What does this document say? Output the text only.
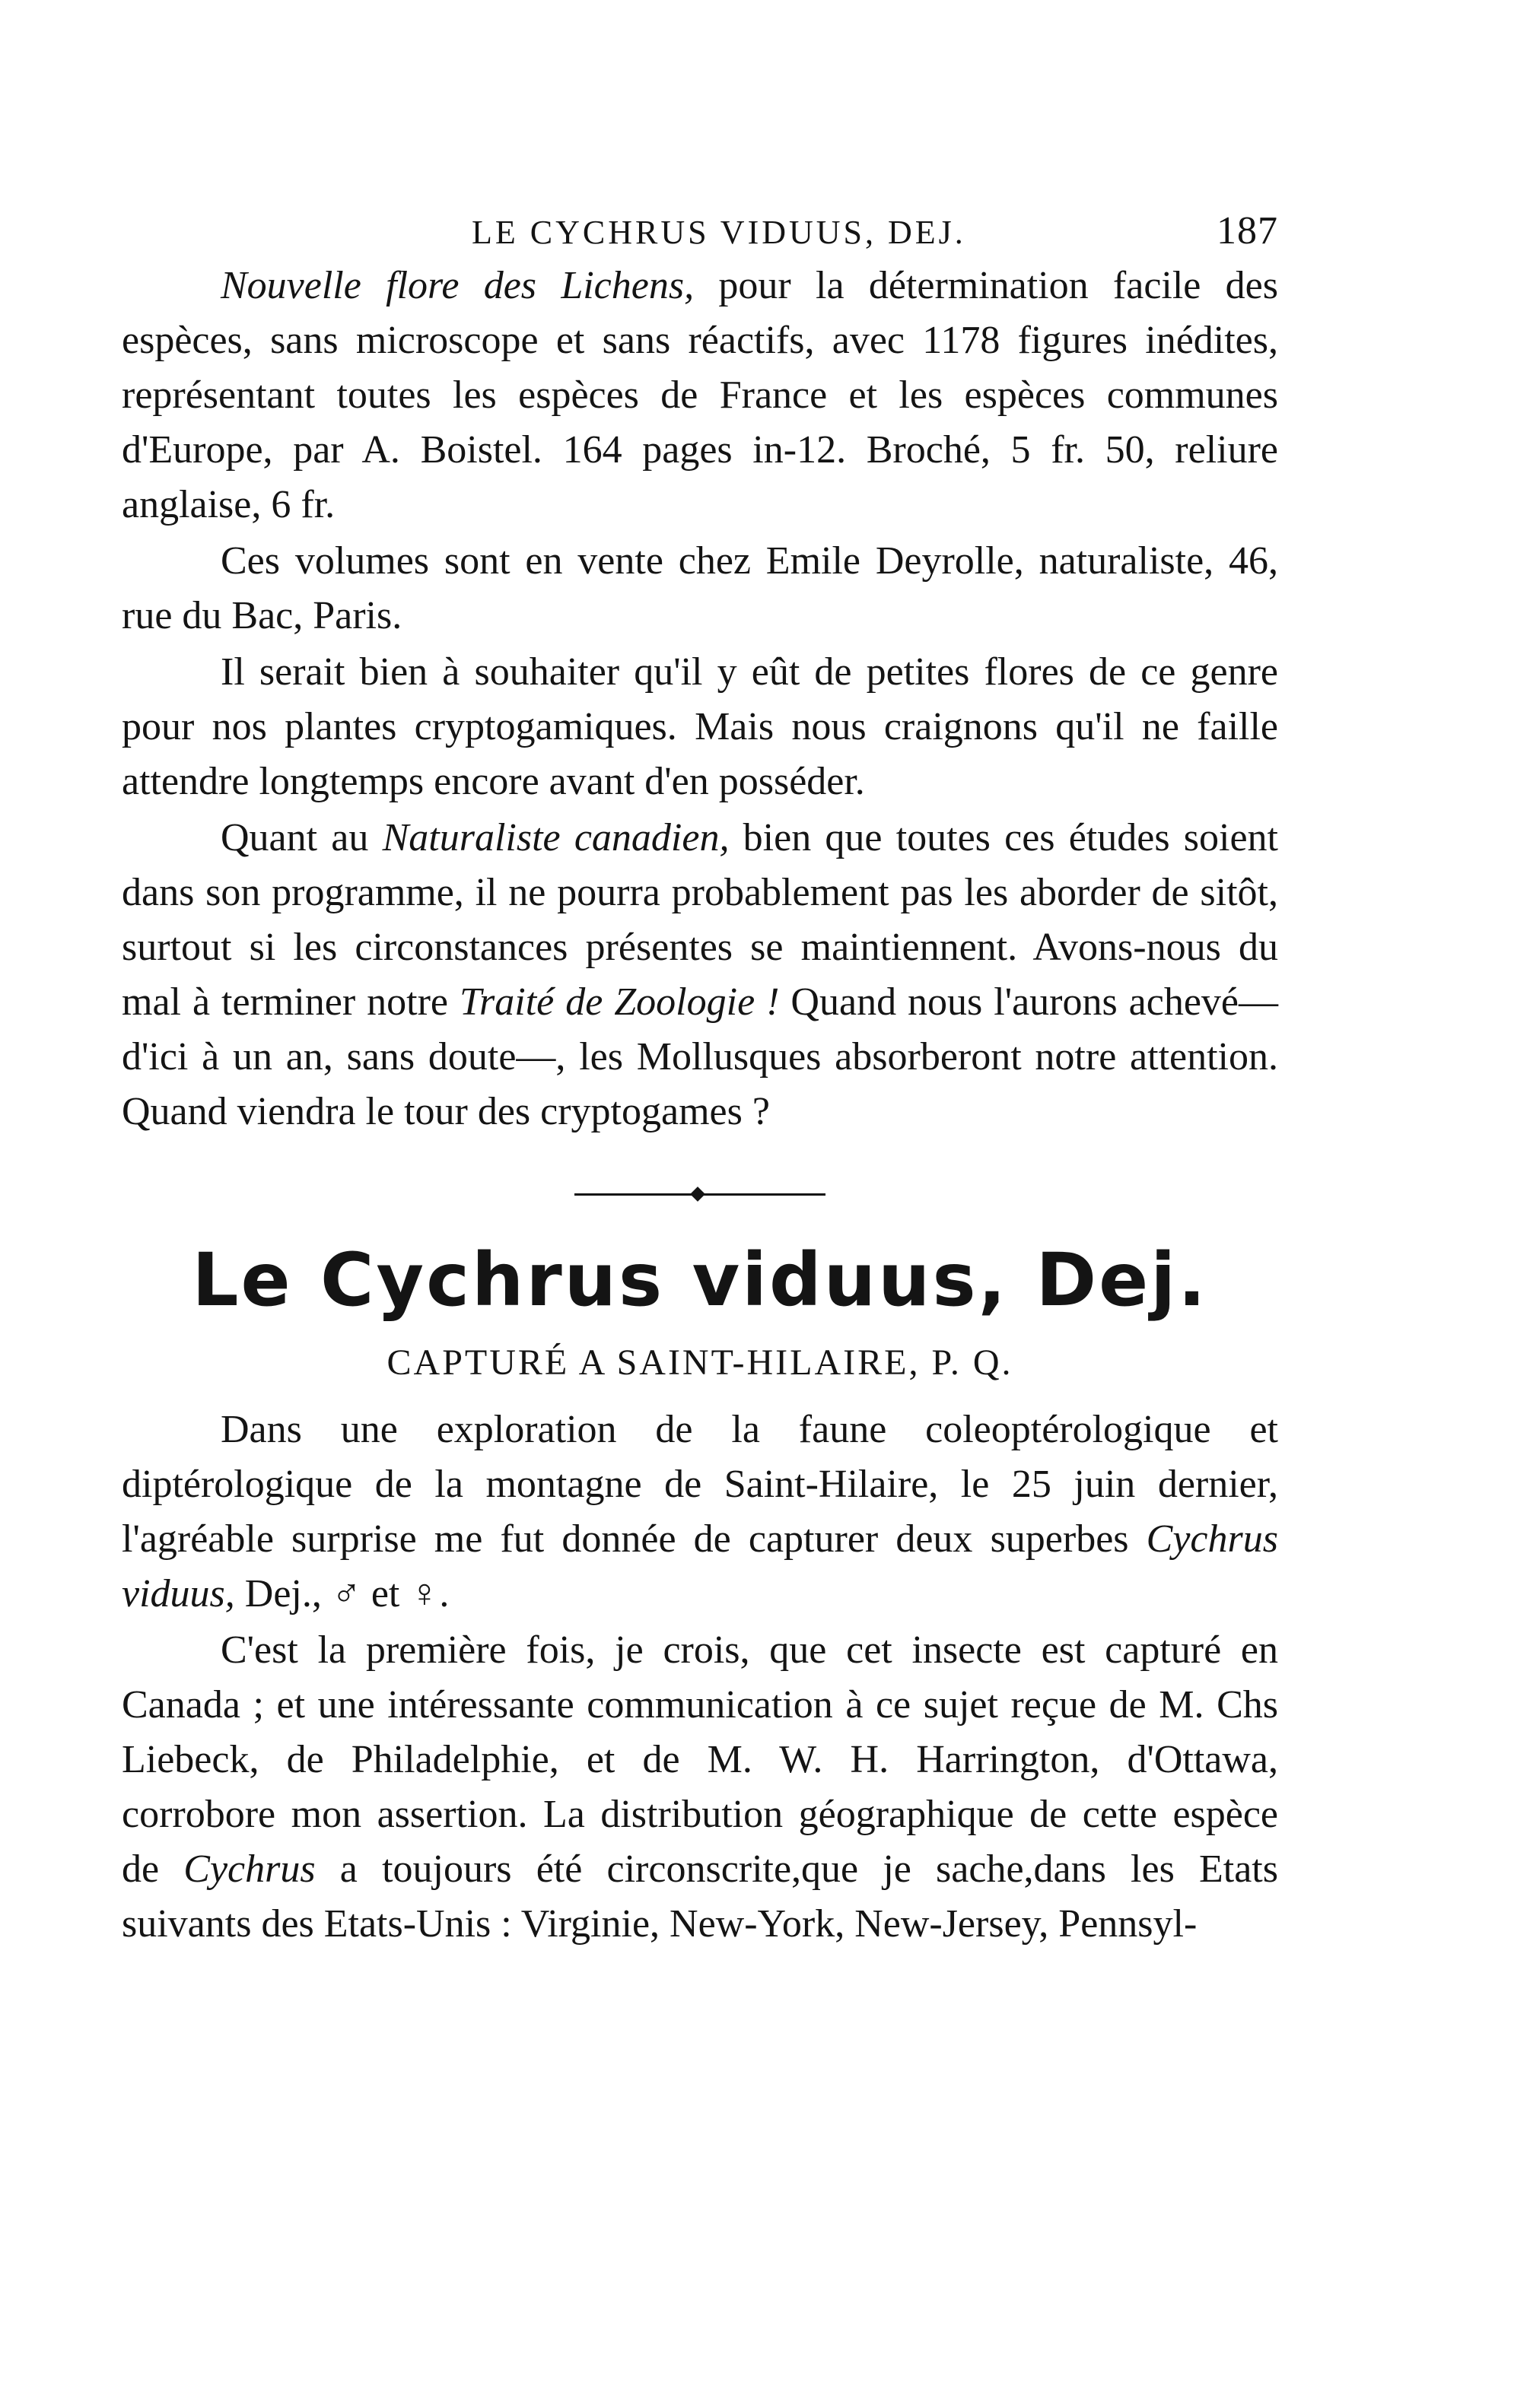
LE CYCHRUS VIDUUS, DEJ.	187

Nouvelle flore des Lichens, pour la détermination facile des espèces, sans microscope et sans réactifs, avec 1178 figures inédites, représentant toutes les espèces de France et les espèces communes d'Europe, par A. Boistel. 164 pages in-12. Broché, 5 fr. 50, reliure anglaise, 6 fr.

Ces volumes sont en vente chez Emile Deyrolle, naturaliste, 46, rue du Bac, Paris.

Il serait bien à souhaiter qu'il y eût de petites flores de ce genre pour nos plantes cryptogamiques. Mais nous craignons qu'il ne faille attendre longtemps encore avant d'en posséder.

Quant au Naturaliste canadien, bien que toutes ces études soient dans son programme, il ne pourra probablement pas les aborder de sitôt, surtout si les circonstances présentes se maintiennent. Avons-nous du mal à terminer notre Traité de Zoologie ! Quand nous l'aurons achevé— d'ici à un an, sans doute—, les Mollusques absorberont notre attention. Quand viendra le tour des cryptogames ?

Le Cychrus viduus, Dej.
CAPTURÉ A SAINT-HILAIRE, P. Q.

Dans une exploration de la faune coleoptérologique et diptérologique de la montagne de Saint-Hilaire, le 25 juin dernier, l'agréable surprise me fut donnée de capturer deux superbes Cychrus viduus, Dej., ♂ et ♀.

C'est la première fois, je crois, que cet insecte est capturé en Canada ; et une intéressante communication à ce sujet reçue de M. Chs Liebeck, de Philadelphie, et de M. W. H. Harrington, d'Ottawa, corrobore mon assertion. La distribution géographique de cette espèce de Cychrus a toujours été circonscrite,que je sache,dans les Etats suivants des Etats-Unis : Virginie, New-York, New-Jersey, Pennsyl-
